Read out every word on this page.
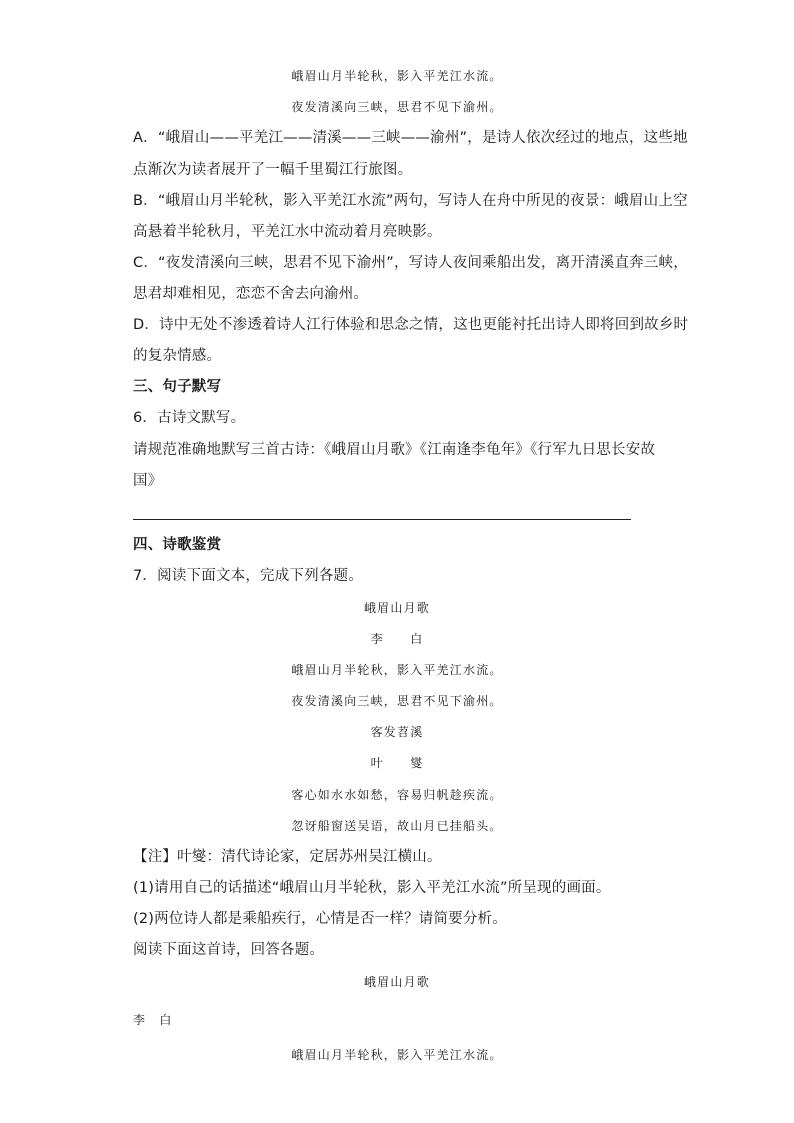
峨眉山月半轮秋，影入平羌江水流。
夜发清溪向三峡，思君不见下渝州。
A．“峨眉山——平羌江——清溪——三峡——渝州”，是诗人依次经过的地点，这些地
点渐次为读者展开了一幅千里蜀江行旅图。
B．“峨眉山月半轮秋，影入平羌江水流”两句，写诗人在舟中所见的夜景：峨眉山上空
高悬着半轮秋月，平羌江水中流动着月亮映影。
C．“夜发清溪向三峡，思君不见下渝州”，写诗人夜间乘船出发，离开清溪直奔三峡，
思君却难相见，恋恋不舍去向渝州。
D．诗中无处不渗透着诗人江行体验和思念之情，这也更能衬托出诗人即将回到故乡时
的复杂情感。
三、句子默写
6．古诗文默写。
请规范准确地默写三首古诗：《峨眉山月歌》《江南逢李龟年》《行军九日思长安故
国》
四、诗歌鉴赏
7．阅读下面文本，完成下列各题。
峨眉山月歌
李　　白
峨眉山月半轮秋，影入平羌江水流。
夜发清溪向三峡，思君不见下渝州。
客发苕溪
叶　　燮
客心如水水如愁，容易归帆趁疾流。
忽讶船窗送吴语，故山月已挂船头。
【注】叶燮：清代诗论家，定居苏州吴江横山。
(1)请用自己的话描述“峨眉山月半轮秋，影入平羌江水流”所呈现的画面。
(2)两位诗人都是乘船疾行，心情是否一样？请简要分析。
阅读下面这首诗，回答各题。
峨眉山月歌
李　白
峨眉山月半轮秋，影入平羌江水流。
